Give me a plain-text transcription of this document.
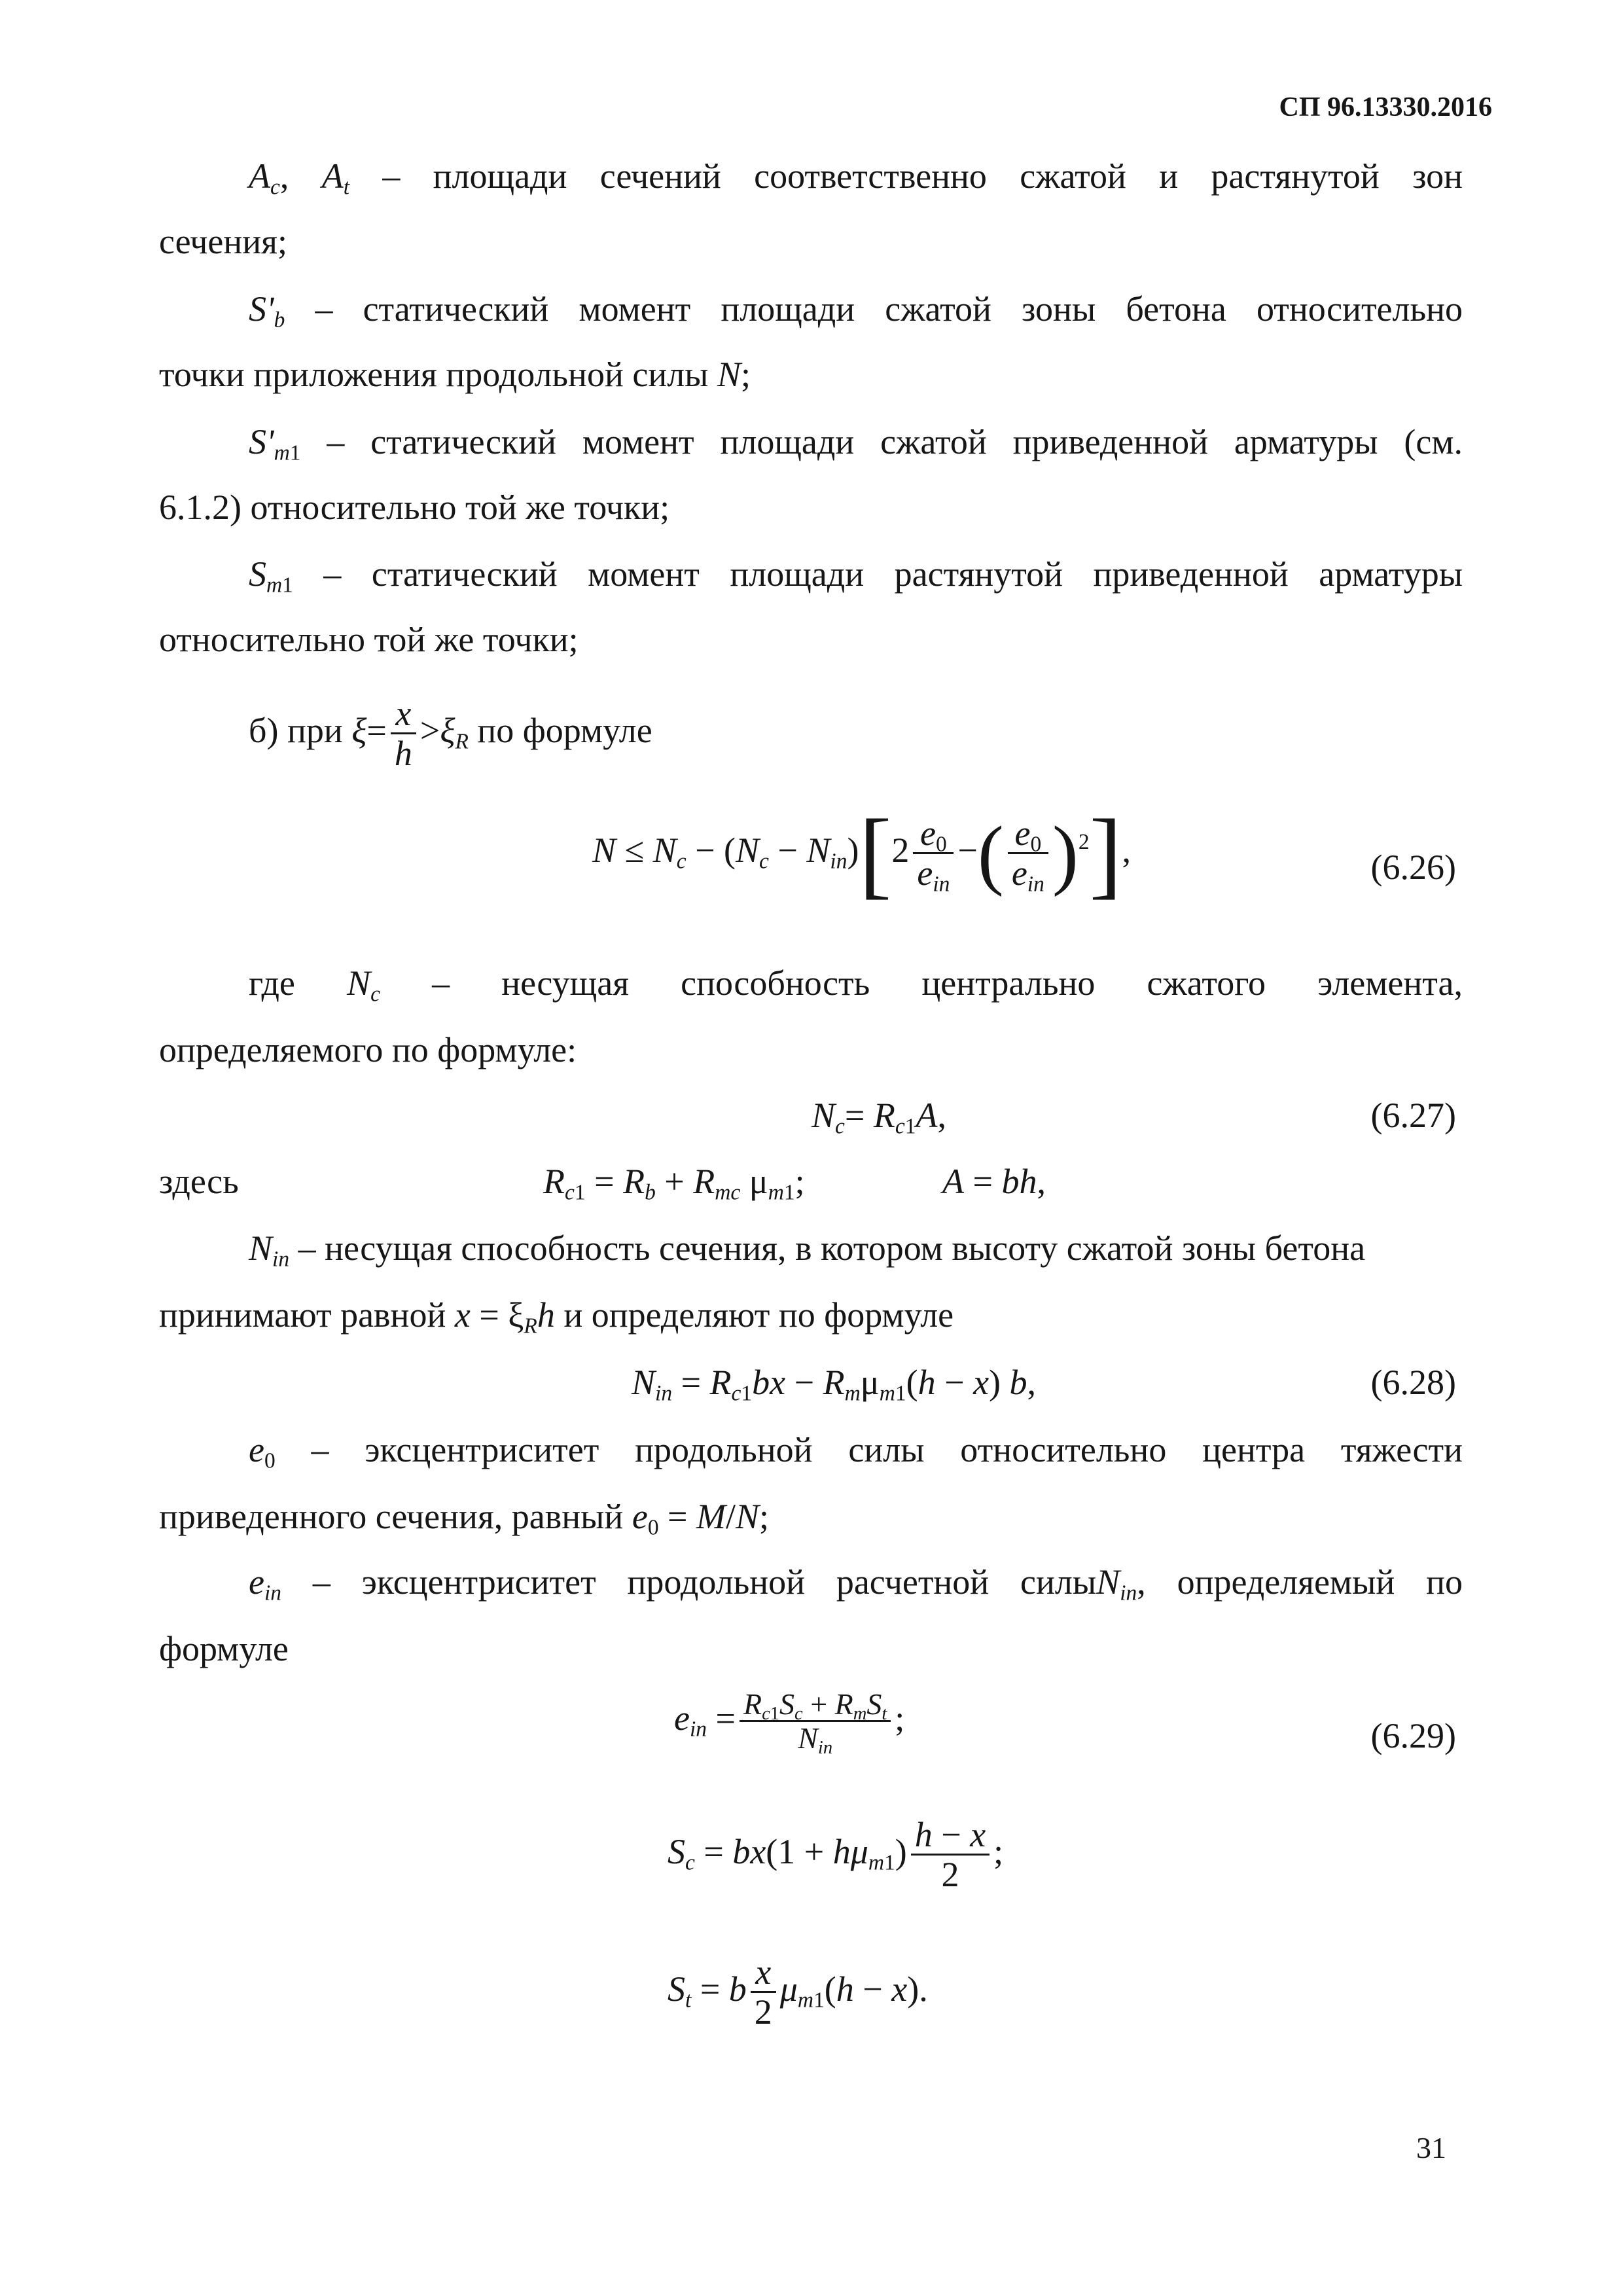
СП 96.13330.2016
$A_c$, $A_t$ – площади сечений соответственно сжатой и растянутой зон
сечения;
$S'_b$ – статический момент площади сжатой зоны бетона относительно
точки приложения продольной силы N;
$S'_{m1}$ – статический момент площади сжатой приведенной арматуры (см.
6.1.2) относительно той же точки;
$S_{m1}$ – статический момент площади растянутой приведенной арматуры
относительно той же точки;
б) при $\xi= \frac{x}{h} >\xi_R$ по формуле
$N \le N_c - (N_c - N_{in})[2 \frac{e_0}{e_{in}}$ −( $\frac{e_0}{e_{in}} )^2$],	(6.26)
где $N_c$ – несущая способность центрально сжатого элемента,
определяемого по формуле:
$N_c= R_{c1}A$,	(6.27)
здесь	$R_{c1} = R_b + R_{mc}$ $\mu_{m1}$;	A = bh,
$N_{in}$ – несущая способность сечения, в котором высоту сжатой зоны бетона
принимают равной $x = \xi_Rh$ и определяют по формуле
$N_{in} = R_{c1}bx - R_m\mu_{m1}(h - x)$ b,	(6.28)
$e_0$ – эксцентриситет продольной силы относительно центра тяжести
приведенного сечения, равный $e_0 = M/N$;
$e_{in}$ – эксцентриситет продольной расчетной силыN$_{in}$, определяемый по
формуле
$e_{in} = \frac{R_{c1}S_c + R_mS_t}{N_{in}}$ ;	(6.29)
$S_c = bx(1 + h\mu_{m1}) \frac{h - x}{2}$ ;
$S_t = b \frac{x}{2} \mu_{m1}(h - x)$.
31
